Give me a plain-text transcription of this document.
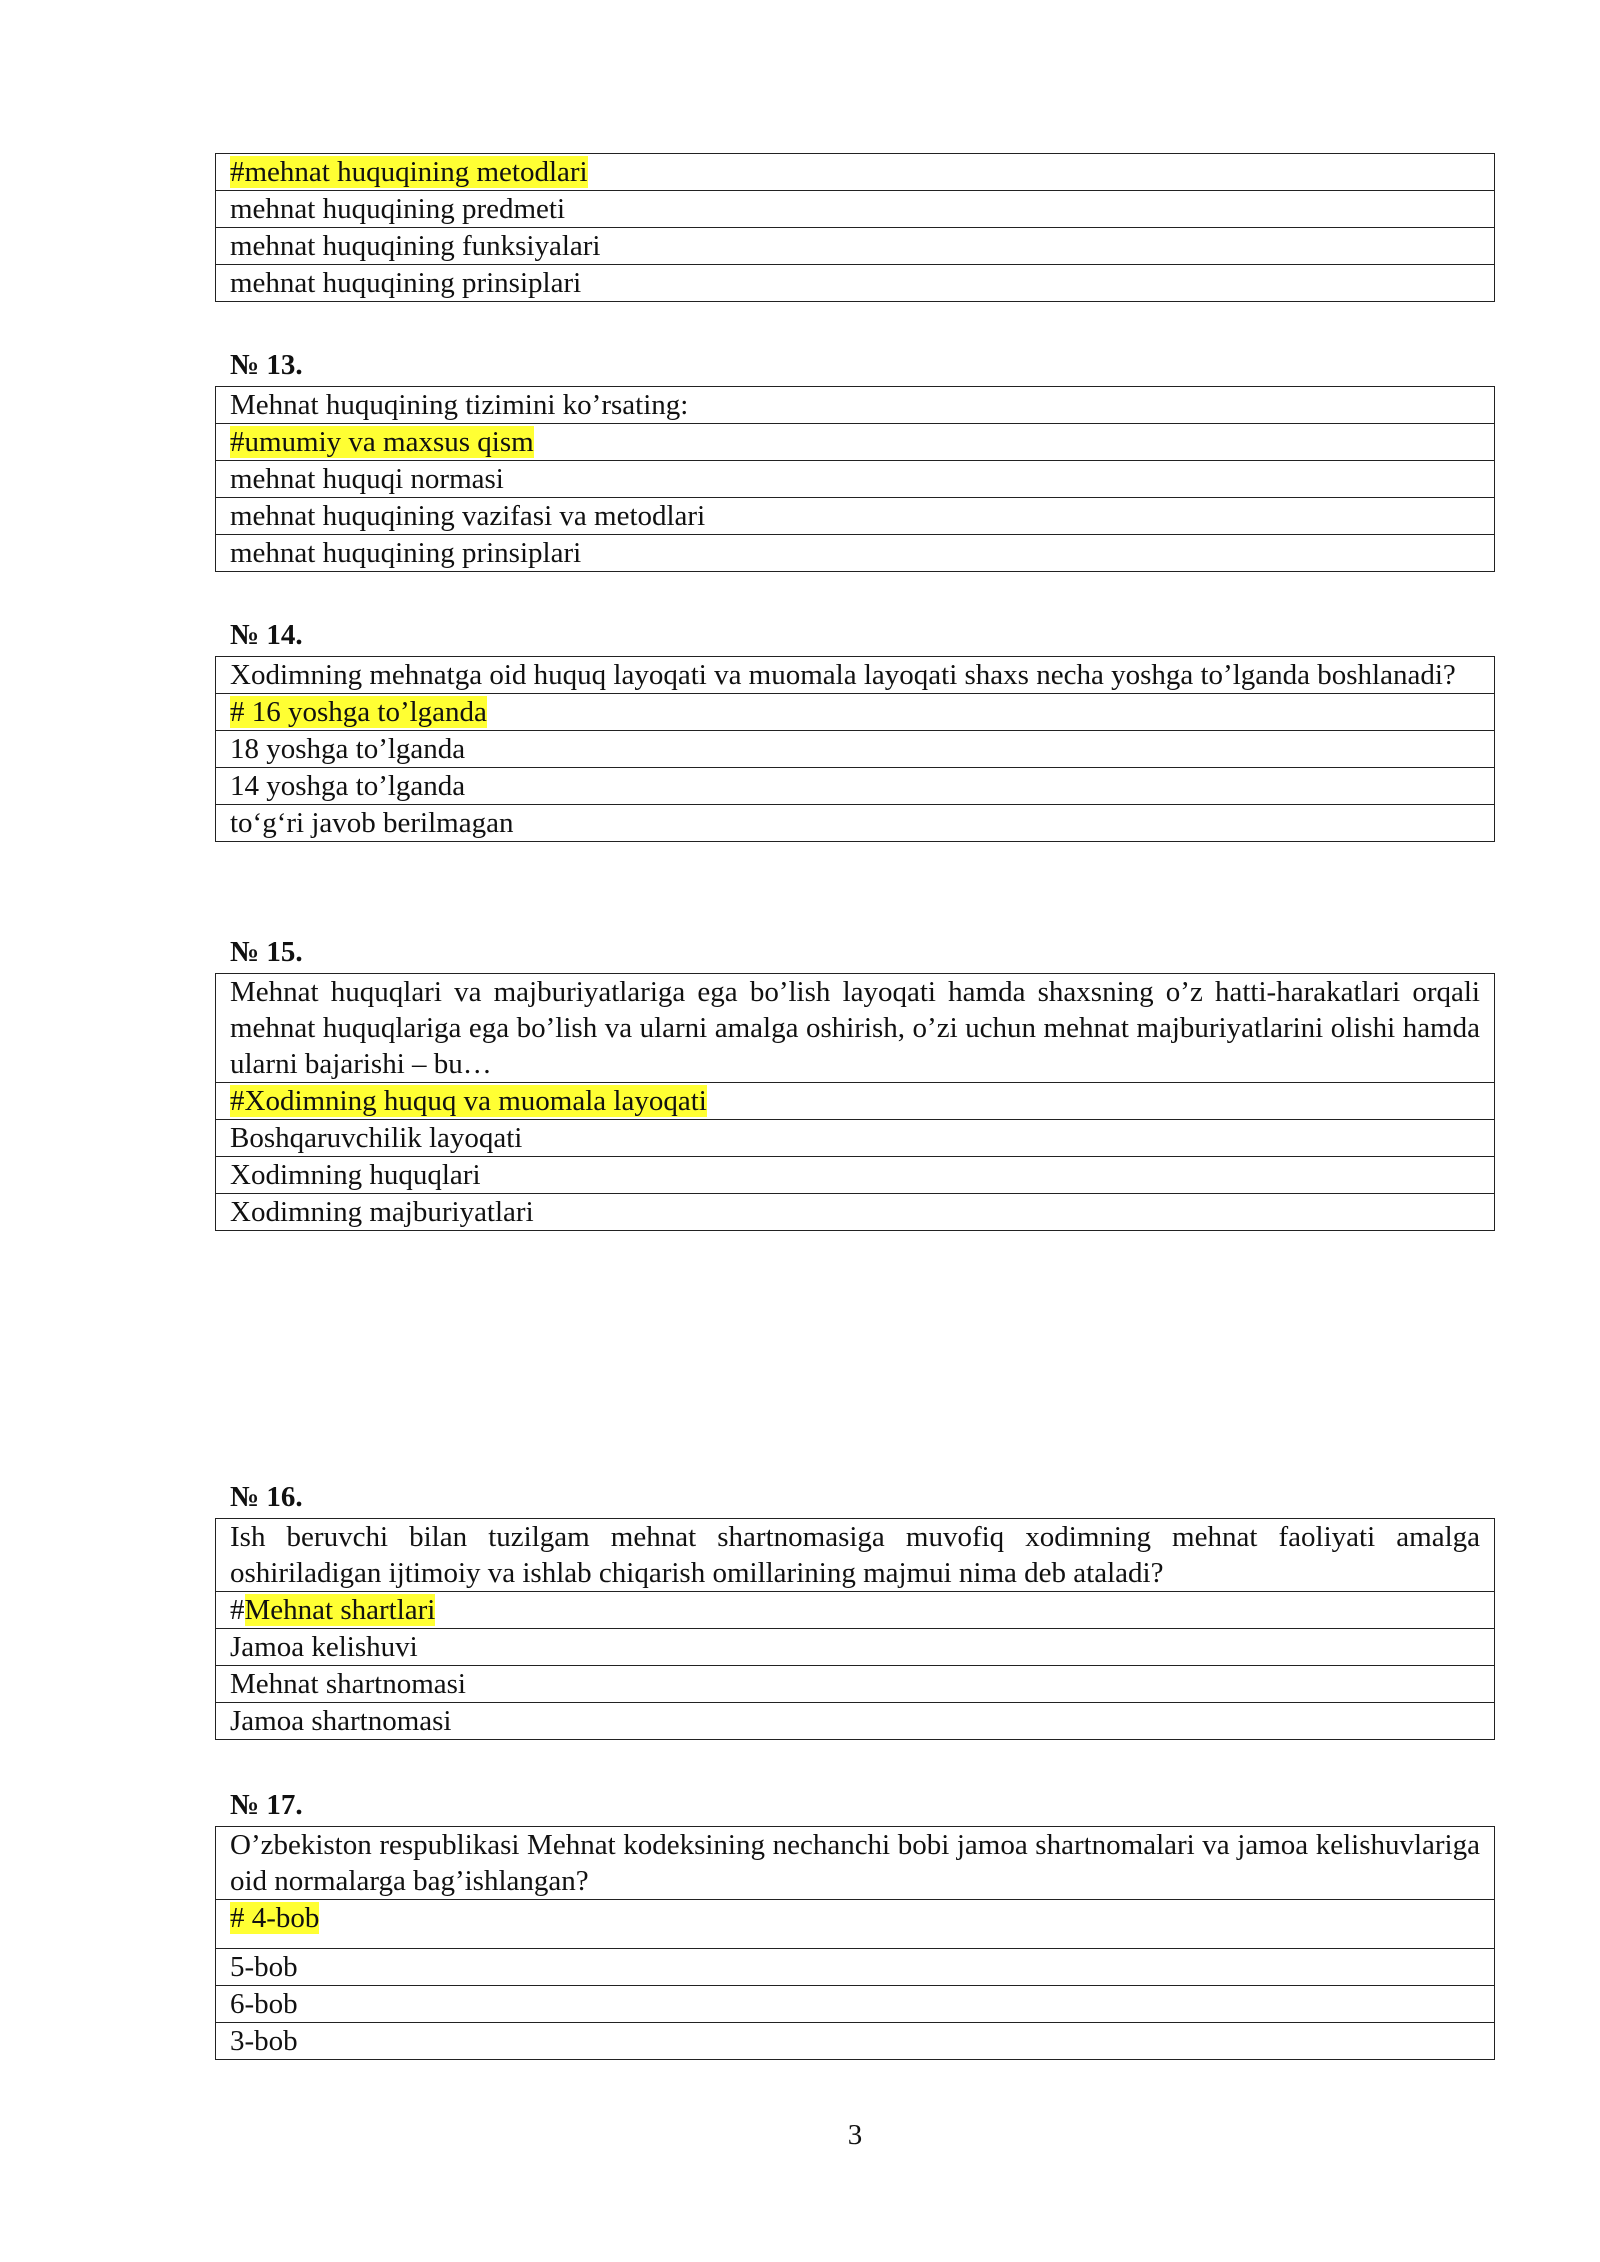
#mehnat huquqining metodlari
mehnat huquqining predmeti
mehnat huquqining funksiyalari
mehnat huquqining prinsiplari
№ 13.
Mehnat huquqining tizimini ko’rsating:
#umumiy va maxsus qism
mehnat huquqi normasi
mehnat huquqining vazifasi va metodlari
mehnat huquqining prinsiplari
№ 14.
Xodimning mehnatga oid huquq layoqati va muomala layoqati shaxs necha yoshga to’lganda boshlanadi?
# 16 yoshga to’lganda
18 yoshga to’lganda
14 yoshga to’lganda
to‘g‘ri javob berilmagan
№ 15.
Mehnat huquqlari va majburiyatlariga ega bo’lish layoqati hamda shaxsning o’z hatti-harakatlari orqali mehnat huquqlariga ega bo’lish va ularni amalga oshirish, o’zi uchun mehnat majburiyatlarini olishi hamda ularni bajarishi – bu…
#Xodimning huquq va muomala layoqati
Boshqaruvchilik layoqati
Xodimning huquqlari
Xodimning majburiyatlari
№ 16.
Ish beruvchi bilan tuzilgam mehnat shartnomasiga muvofiq xodimning mehnat faoliyati amalga oshiriladigan ijtimoiy va ishlab chiqarish omillarining majmui nima deb ataladi?
#Mehnat shartlari
Jamoa kelishuvi
Mehnat shartnomasi
Jamoa shartnomasi
№ 17.
O’zbekiston respublikasi Mehnat kodeksining nechanchi bobi jamoa shartnomalari va jamoa kelishuvlariga oid normalarga bag’ishlangan?
# 4-bob
5-bob
6-bob
3-bob
3
